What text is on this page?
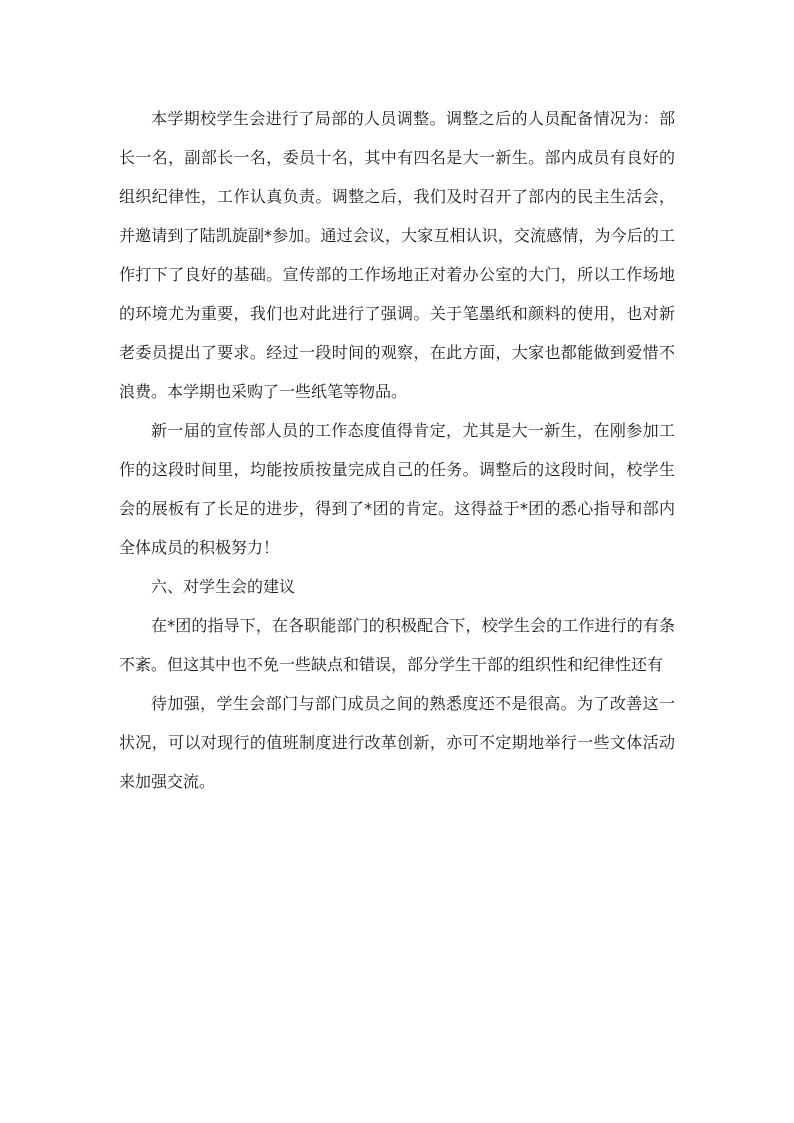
本学期校学生会进行了局部的人员调整。调整之后的人员配备情况为：部长一名，副部长一名，委员十名，其中有四名是大一新生。部内成员有良好的组织纪律性，工作认真负责。调整之后，我们及时召开了部内的民主生活会，并邀请到了陆凯旋副*参加。通过会议，大家互相认识，交流感情，为今后的工作打下了良好的基础。宣传部的工作场地正对着办公室的大门，所以工作场地的环境尤为重要，我们也对此进行了强调。关于笔墨纸和颜料的使用，也对新老委员提出了要求。经过一段时间的观察，在此方面，大家也都能做到爱惜不浪费。本学期也采购了一些纸笔等物品。

新一届的宣传部人员的工作态度值得肯定，尤其是大一新生，在刚参加工作的这段时间里，均能按质按量完成自己的任务。调整后的这段时间，校学生会的展板有了长足的进步，得到了*团的肯定。这得益于*团的悉心指导和部内全体成员的积极努力！

六、对学生会的建议

在*团的指导下，在各职能部门的积极配合下，校学生会的工作进行的有条不紊。但这其中也不免一些缺点和错误，部分学生干部的组织性和纪律性还有

待加强，学生会部门与部门成员之间的熟悉度还不是很高。为了改善这一状况，可以对现行的值班制度进行改革创新，亦可不定期地举行一些文体活动来加强交流。
